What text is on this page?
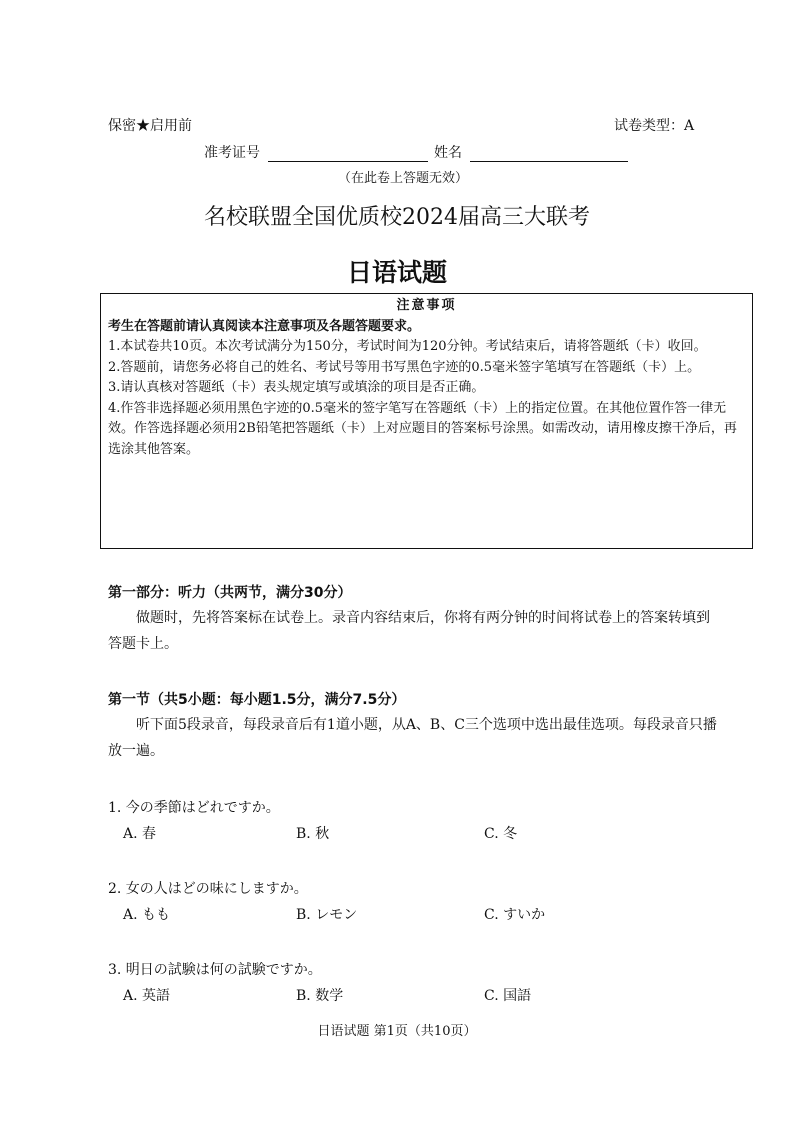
保密★启用前	试卷类型：A
准考证号	姓名
（在此卷上答题无效）
名校联盟全国优质校2024届高三大联考
日语试题
注意事项

考生在答题前请认真阅读本注意事项及各题答题要求。

1.本试卷共10页。本次考试满分为150分，考试时间为120分钟。考试结束后，请将答题纸（卡）收回。

2.答题前，请您务必将自己的姓名、考试号等用书写黑色字迹的0.5毫米签字笔填写在答题纸（卡）上。

3.请认真核对答题纸（卡）表头规定填写或填涂的项目是否正确。

4.作答非选择题必须用黑色字迹的0.5毫米的签字笔写在答题纸（卡）上的指定位置。在其他位置作答一律无效。作答选择题必须用2B铅笔把答题纸（卡）上对应题目的答案标号涂黑。如需改动，请用橡皮擦干净后，再选涂其他答案。

第一部分：听力（共两节，满分30分）
做题时，先将答案标在试卷上。录音内容结束后，你将有两分钟的时间将试卷上的答案转填到答题卡上。
第一节（共5小题：每小题1.5分，满分7.5分）
听下面5段录音，每段录音后有1道小题，从A、B、C三个选项中选出最佳选项。每段录音只播放一遍。
1. 今の季節はどれですか。
A. 春	B. 秋	C. 冬
2. 女の人はどの味にしますか。
A. もも	B. レモン	C. すいか
3. 明日の試験は何の試験ですか。
A. 英語	B. 数学	C. 国語
日语试题 第1页（共10页）
